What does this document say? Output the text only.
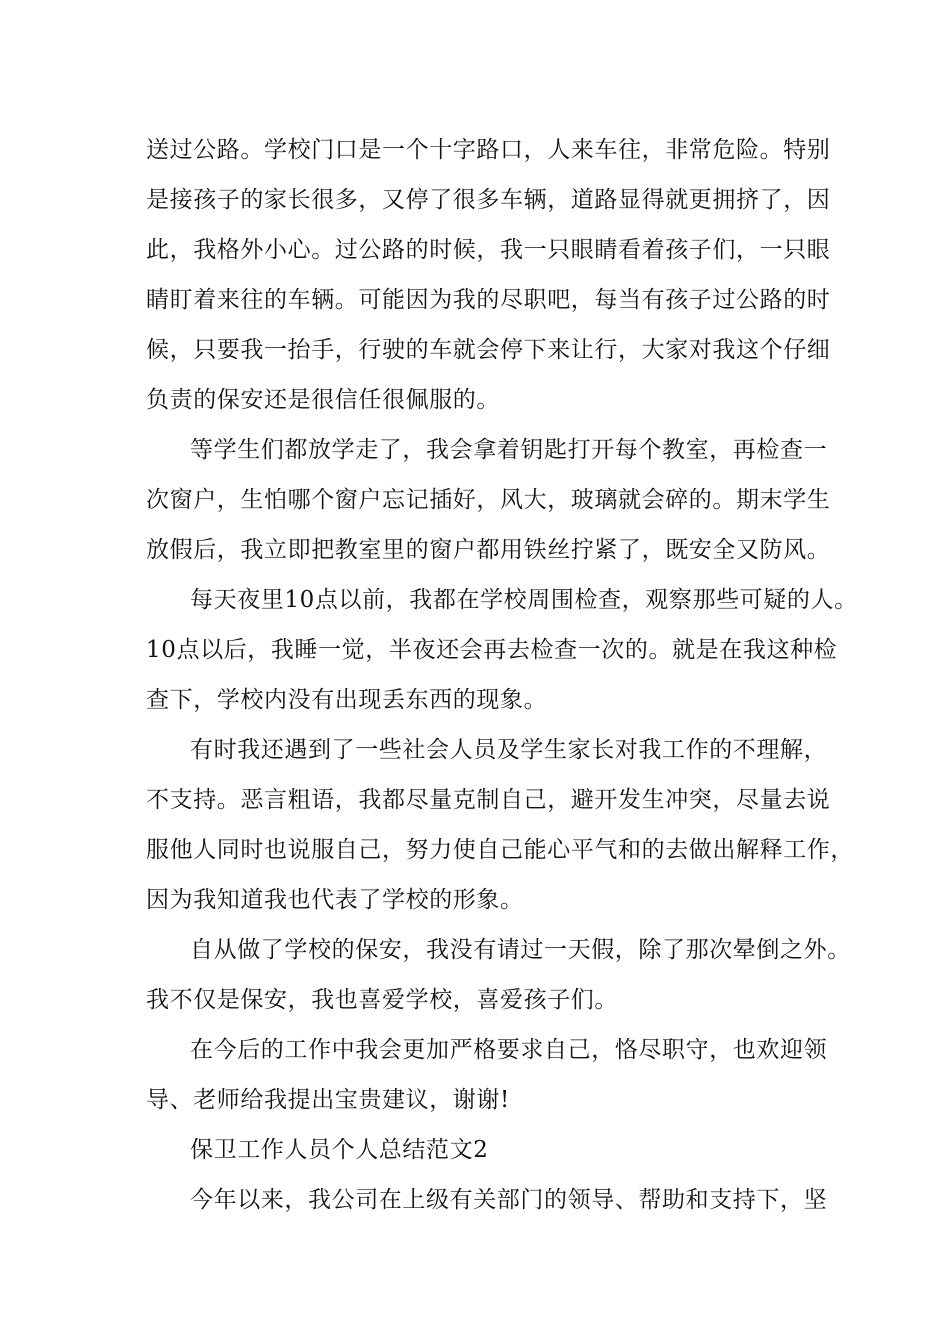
送过公路。学校门口是一个十字路口，人来车往，非常危险。特别
是接孩子的家长很多，又停了很多车辆，道路显得就更拥挤了，因
此，我格外小心。过公路的时候，我一只眼睛看着孩子们，一只眼
睛盯着来往的车辆。可能因为我的尽职吧，每当有孩子过公路的时
候，只要我一抬手，行驶的车就会停下来让行，大家对我这个仔细
负责的保安还是很信任很佩服的。
等学生们都放学走了，我会拿着钥匙打开每个教室，再检查一
次窗户，生怕哪个窗户忘记插好，风大，玻璃就会碎的。期末学生
放假后，我立即把教室里的窗户都用铁丝拧紧了，既安全又防风。
每天夜里10点以前，我都在学校周围检查，观察那些可疑的人。
10点以后，我睡一觉，半夜还会再去检查一次的。就是在我这种检
查下，学校内没有出现丢东西的现象。
有时我还遇到了一些社会人员及学生家长对我工作的不理解，
不支持。恶言粗语，我都尽量克制自己，避开发生冲突，尽量去说
服他人同时也说服自己，努力使自己能心平气和的去做出解释工作，
因为我知道我也代表了学校的形象。
自从做了学校的保安，我没有请过一天假，除了那次晕倒之外。
我不仅是保安，我也喜爱学校，喜爱孩子们。
在今后的工作中我会更加严格要求自己，恪尽职守，也欢迎领
导、老师给我提出宝贵建议，谢谢!
保卫工作人员个人总结范文2
今年以来，我公司在上级有关部门的领导、帮助和支持下，坚
